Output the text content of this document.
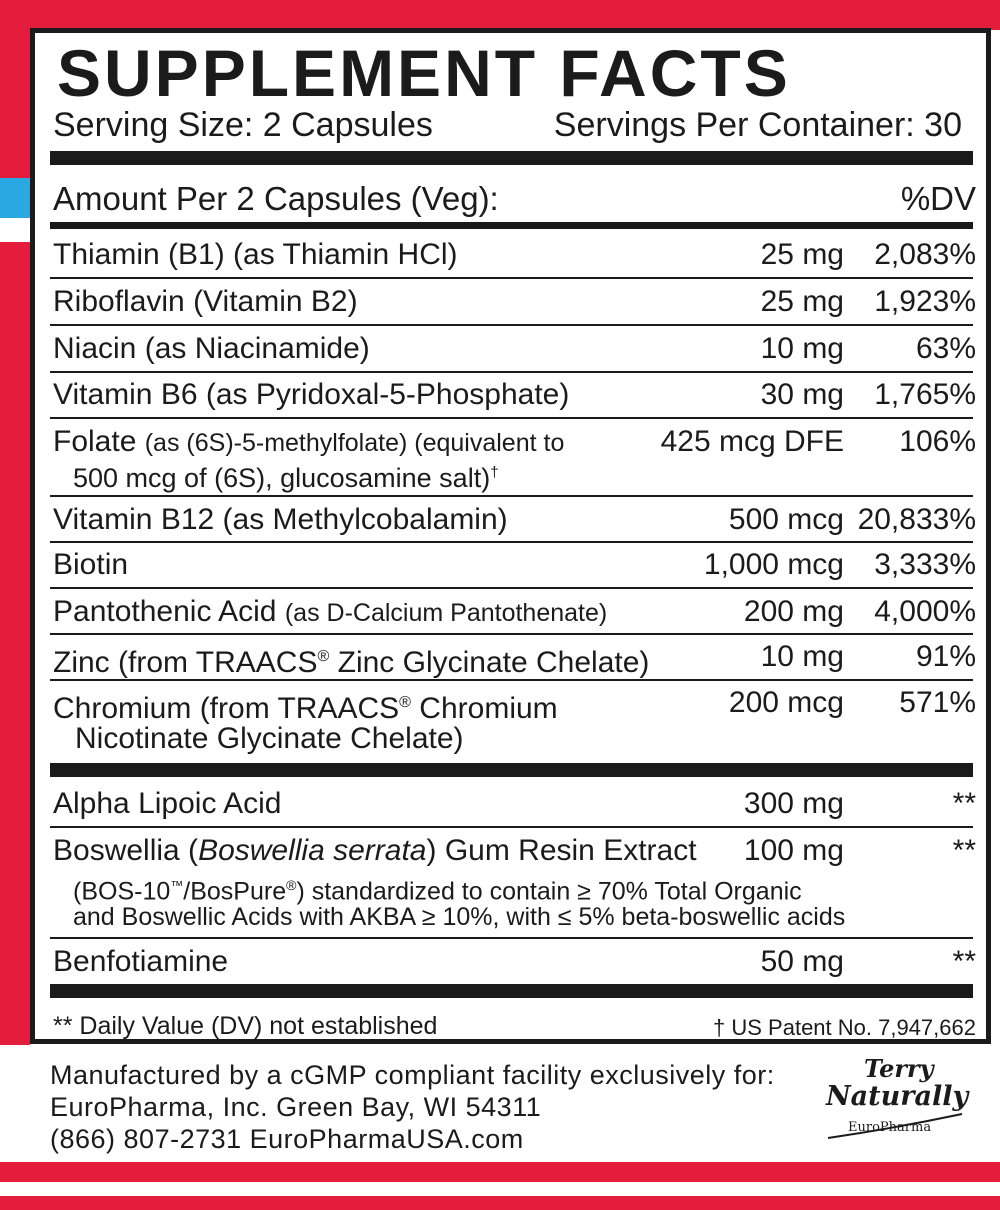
SUPPLEMENT FACTS
Serving Size: 2 Capsules	Servings Per Container: 30
Amount Per 2 Capsules (Veg):	%DV
Thiamin (B1) (as Thiamin HCl)	25 mg 2,083%
Riboflavin (Vitamin B2)	25 mg 1,923%
Niacin (as Niacinamide)	10 mg 63%
Vitamin B6 (as Pyridoxal-5-Phosphate)	30 mg 1,765%
Folate (as (6S)-5-methylfolate) (equivalent to
500 mcg of (6S), glucosamine salt)†
425 mcg DFE 106%
Vitamin B12 (as Methylcobalamin)	500 mcg 20,833%
Biotin	1,000 mcg 3,333%
Pantothenic Acid (as D-Calcium Pantothenate)	200 mg 4,000%
Zinc (from TRAACS® Zinc Glycinate Chelate)	10 mg 91%
Chromium (from TRAACS® Chromium
Nicotinate Glycinate Chelate)
200 mcg 571%
Alpha Lipoic Acid	300 mg	**
Boswellia (Boswellia serrata) Gum Resin Extract 100 mg	**
(BOS-10™/BosPure®) standardized to contain ≥ 70% Total Organic
and Boswellic Acids with AKBA ≥ 10%, with ≤ 5% beta-boswellic acids
Benfotiamine	50 mg	**
** Daily Value (DV) not established	† US Patent No. 7,947,662
Manufactured by a cGMP compliant facility exclusively for:
EuroPharma, Inc. Green Bay, WI 54311
(866) 807-2731 EuroPharmaUSA.com
Terry
Naturally
EuroPharma
